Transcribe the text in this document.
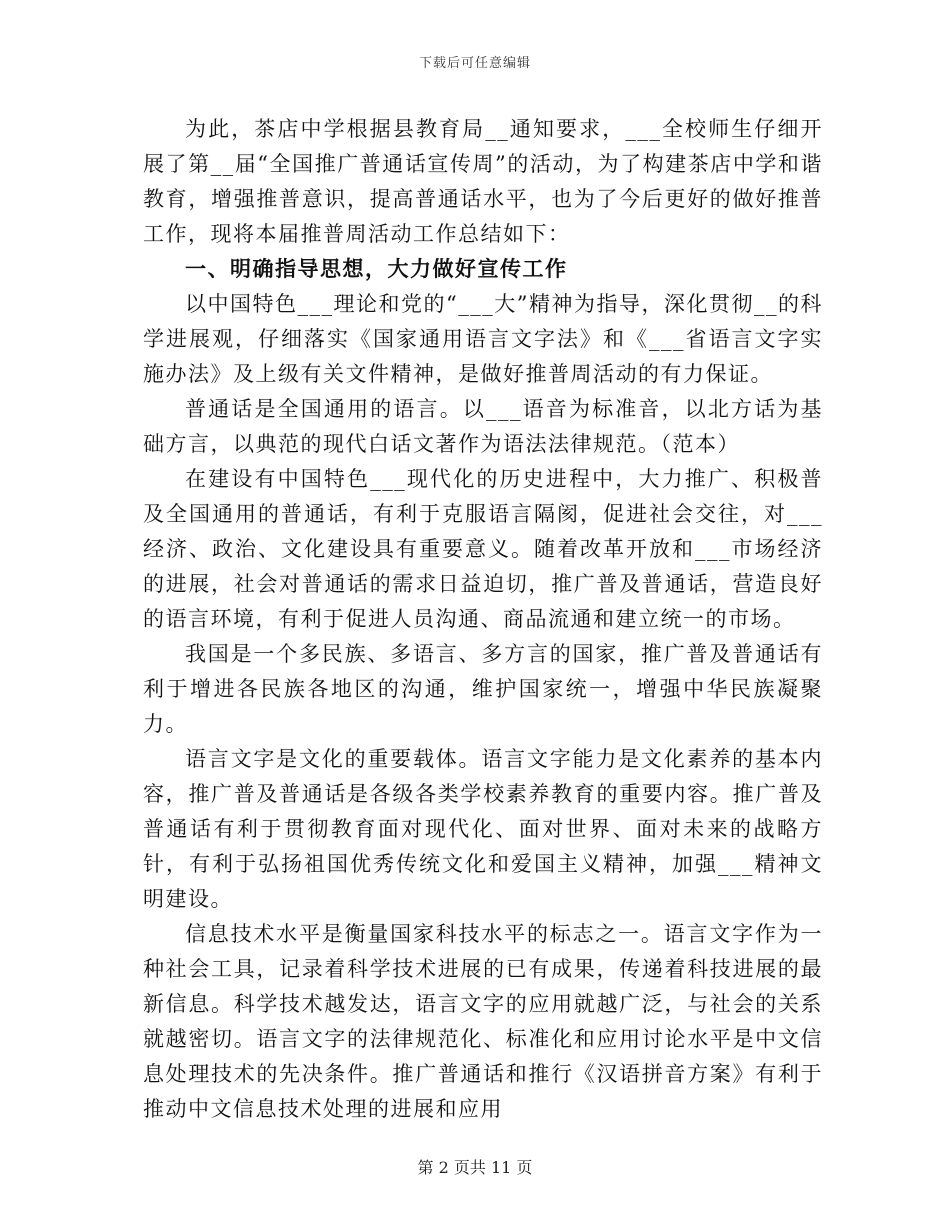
下载后可任意编辑

为此，茶店中学根据县教育局__通知要求，___全校师生仔细开展了第__届“全国推广普通话宣传周”的活动，为了构建茶店中学和谐教育，增强推普意识，提高普通话水平，也为了今后更好的做好推普工作，现将本届推普周活动工作总结如下：

一、明确指导思想，大力做好宣传工作

以中国特色___理论和党的“___大”精神为指导，深化贯彻__的科学进展观，仔细落实《国家通用语言文字法》和《___省语言文字实施办法》及上级有关文件精神，是做好推普周活动的有力保证。

普通话是全国通用的语言。以___语音为标准音，以北方话为基础方言，以典范的现代白话文著作为语法法律规范。（范本）

在建设有中国特色___现代化的历史进程中，大力推广、积极普及全国通用的普通话，有利于克服语言隔阂，促进社会交往，对___经济、政治、文化建设具有重要意义。随着改革开放和___市场经济的进展，社会对普通话的需求日益迫切，推广普及普通话，营造良好的语言环境，有利于促进人员沟通、商品流通和建立统一的市场。

我国是一个多民族、多语言、多方言的国家，推广普及普通话有利于增进各民族各地区的沟通，维护国家统一，增强中华民族凝聚力。

语言文字是文化的重要载体。语言文字能力是文化素养的基本内容，推广普及普通话是各级各类学校素养教育的重要内容。推广普及普通话有利于贯彻教育面对现代化、面对世界、面对未来的战略方针，有利于弘扬祖国优秀传统文化和爱国主义精神，加强___精神文明建设。

信息技术水平是衡量国家科技水平的标志之一。语言文字作为一种社会工具，记录着科学技术进展的已有成果，传递着科技进展的最新信息。科学技术越发达，语言文字的应用就越广泛，与社会的关系就越密切。语言文字的法律规范化、标准化和应用讨论水平是中文信息处理技术的先决条件。推广普通话和推行《汉语拼音方案》有利于推动中文信息技术处理的进展和应用

第 2 页共 11 页
